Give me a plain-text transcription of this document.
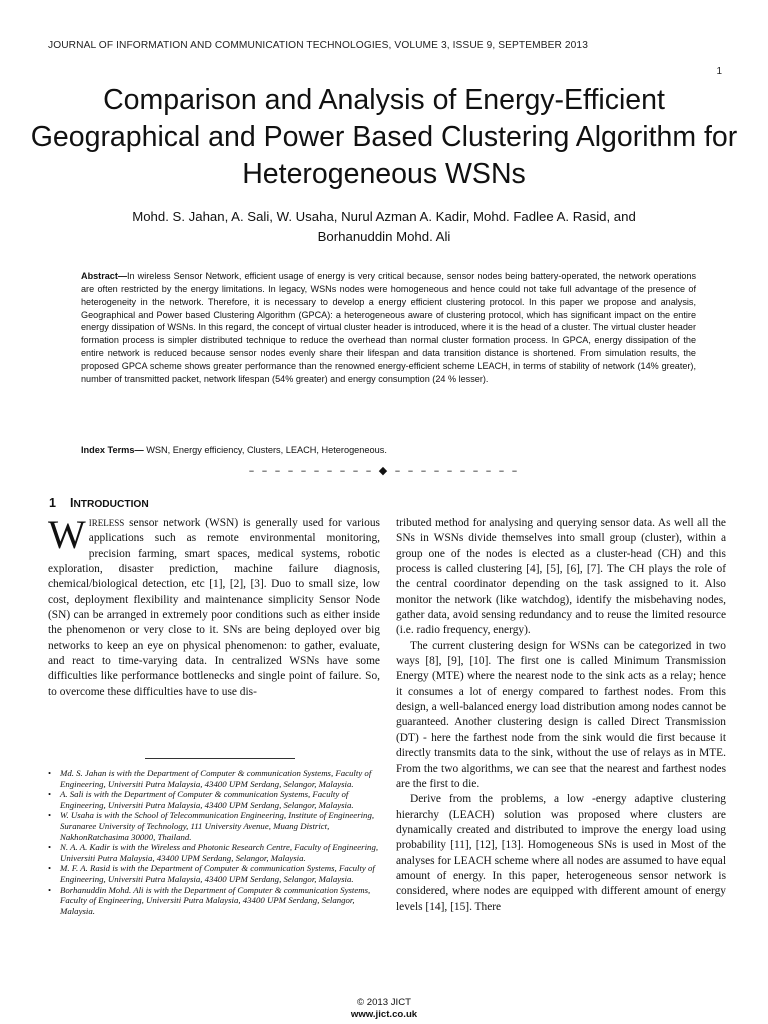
JOURNAL OF INFORMATION AND COMMUNICATION TECHNOLOGIES, VOLUME 3, ISSUE 9, SEPTEMBER 2013
1
Comparison and Analysis of Energy-Efficient Geographical and Power Based Clustering Algorithm for Heterogeneous WSNs
Mohd. S. Jahan, A. Sali, W. Usaha, Nurul Azman A. Kadir, Mohd. Fadlee A. Rasid, and
Borhanuddin Mohd. Ali
Abstract—In wireless Sensor Network, efficient usage of energy is very critical because, sensor nodes being battery-operated, the network operations are often restricted by the energy limitations. In legacy, WSNs nodes were homogeneous and hence could not take full advantage of the presence of heterogeneity in the network. Therefore, it is necessary to develop a energy efficient clustering protocol. In this paper we propose and analysis, Geographical and Power based Clustering Algorithm (GPCA): a heterogeneous aware of clustering protocol, which has significant impact on the entire energy dissipation of WSNs. In this regard, the concept of virtual cluster header is introduced, where it is the head of a cluster. The virtual cluster header formation process is simpler distributed technique to reduce the overhead than normal cluster formation process. In GPCA, energy dissipation of the entire network is reduced because sensor nodes evenly share their lifespan and data transition distance is shortened. From simulation results, the proposed GPCA scheme shows greater performance than the renowned energy-efficient scheme LEACH, in terms of stability of network (14% greater), number of transmitted packet, network lifespan (54% greater) and energy consumption (24 % lesser).
Index Terms— WSN, Energy efficiency, Clusters, LEACH, Heterogeneous.
– – – – – – – – – – ◆ – – – – – – – – – –
1 INTRODUCTION

WIRELESS sensor network (WSN) is generally used for various applications such as remote environmental monitoring, precision farming, smart spaces, medical systems, robotic exploration, disaster prediction, machine failure diagnosis, chemical/biological detection, etc [1], [2], [3]. Duo to small size, low cost, deployment flexibility and maintenance simplicity Sensor Node (SN) can be arranged in extremely poor conditions such as either inside the phenomenon or very close to it. SNs are being deployed over big networks to keep an eye on physical phenomenon: to gather, evaluate, and react to time-varying data. In centralized WSNs have some difficulties like performance bottlenecks and single point of failure. So, to overcome these difficulties have to use dis-

tributed method for analysing and querying sensor data. As well all the SNs in WSNs divide themselves into small group (cluster), within a group one of the nodes is elected as a cluster-head (CH) and this process is called clustering [4], [5], [6], [7]. The CH plays the role of the central coordinator depending on the task assigned to it. Also monitor the network (like watchdog), identify the misbehaving nodes, gather data, avoid sensing redundancy and to reuse the limited resource (i.e. radio frequency, energy).

The current clustering design for WSNs can be categorized in two ways [8], [9], [10]. The first one is called Minimum Transmission Energy (MTE) where the nearest node to the sink acts as a relay; hence it consumes a lot of energy compared to farthest nodes. From this design, a well-balanced energy load distribution among nodes cannot be guaranteed. Another clustering design is called Direct Transmission (DT) - here the farthest node from the sink would die first because it directly transmits data to the sink, without the use of relays as in MTE. From the two algorithms, we can see that the nearest and farthest nodes are the first to die.

Derive from the problems, a low -energy adaptive clustering hierarchy (LEACH) solution was proposed where clusters are dynamically created and distributed to improve the energy load using probability [11], [12], [13]. Homogeneous SNs is used in Most of the analyses for LEACH scheme where all nodes are assumed to have equal amount of energy. In this paper, heterogeneous sensor network is considered, where nodes are equipped with different amount of energy levels [14], [15]. There

• Md. S. Jahan is with the Department of Computer & communication Systems, Faculty of Engineering, Universiti Putra Malaysia, 43400 UPM Serdang, Selangor, Malaysia.
• A. Sali is with the Department of Computer & communication Systems, Faculty of Engineering, Universiti Putra Malaysia, 43400 UPM Serdang, Selangor, Malaysia.
• W. Usaha is with the School of Telecommunication Engineering, Institute of Engineering, Suranaree University of Technology, 111 University Avenue, Muang District, NakhonRatchasima 30000, Thailand.
• N. A. A. Kadir is with the Wireless and Photonic Research Centre, Faculty of Engineering, Universiti Putra Malaysia, 43400 UPM Serdang, Selangor, Malaysia.
• M. F. A. Rasid is with the Department of Computer & communication Systems, Faculty of Engineering, Universiti Putra Malaysia, 43400 UPM Serdang, Selangor, Malaysia.
• Borhanuddin Mohd. Ali is with the Department of Computer & communication Systems, Faculty of Engineering, Universiti Putra Malaysia, 43400 UPM Serdang, Selangor, Malaysia.
© 2013 JICT
www.jict.co.uk
